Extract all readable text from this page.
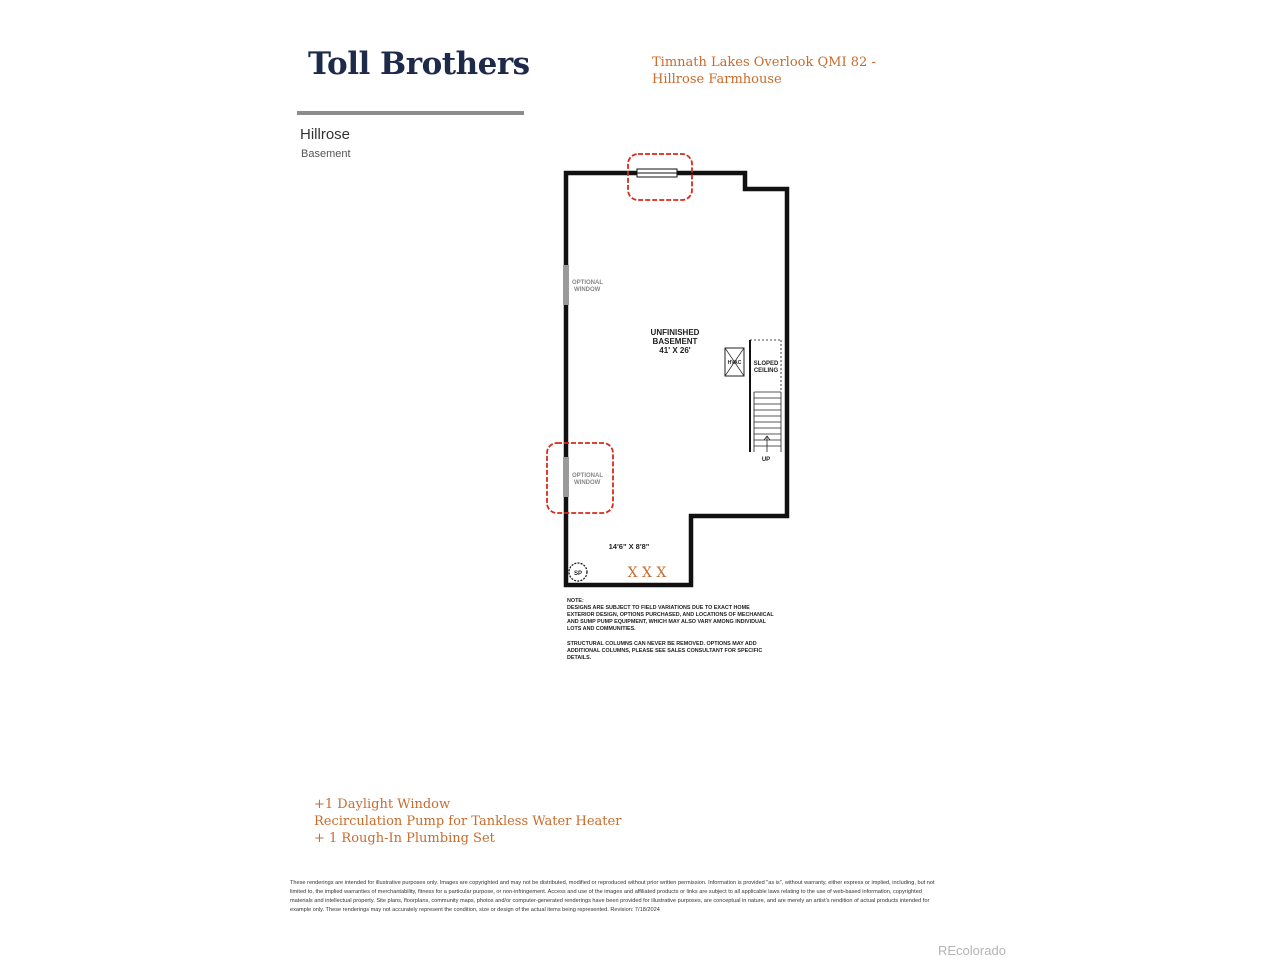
Toll Brothers	Timnath Lakes Overlook QMI 82 -
Hillrose Farmhouse
Hillrose
Basement
OPTIONAL
WINDOW
OPTIONAL
WINDOW
UNFINISHED
BASEMENT
41' X 26'
HVAC SLOPED
CEILING
UP
14'6" X 8'8"
SP	X X X
NOTE:

DESIGNS ARE SUBJECT TO FIELD VARIATIONS DUE TO EXACT HOME EXTERIOR DESIGN, OPTIONS PURCHASED, AND LOCATIONS OF MECHANICAL AND SUMP PUMP EQUIPMENT, WHICH MAY ALSO VARY AMONG INDIVIDUAL LOTS AND COMMUNITIES.

STRUCTURAL COLUMNS CAN NEVER BE REMOVED. OPTIONS MAY ADD ADDITIONAL COLUMNS, PLEASE SEE SALES CONSULTANT FOR SPECIFIC DETAILS.

+1 Daylight Window
Recirculation Pump for Tankless Water Heater
+ 1 Rough-In Plumbing Set
These renderings are intended for illustrative purposes only. Images are copyrighted and may not be distributed, modified or reproduced without prior written permission. Information is provided "as is", without warranty, either express or implied, including, but not limited to, the implied warranties of merchantability, fitness for a particular purpose, or non-infringement. Access and use of the images and affiliated products or links are subject to all applicable laws relating to the use of web-based information, copyrighted materials and intellectual property. Site plans, floorplans, community maps, photos and/or computer-generated renderings have been provided for illustrative purposes, are conceptual in nature, and are merely an artist's rendition of actual products intended for example only. These renderings may not accurately represent the condition, size or design of the actual items being represented. Revision: 7/18/2024
REcolorado
